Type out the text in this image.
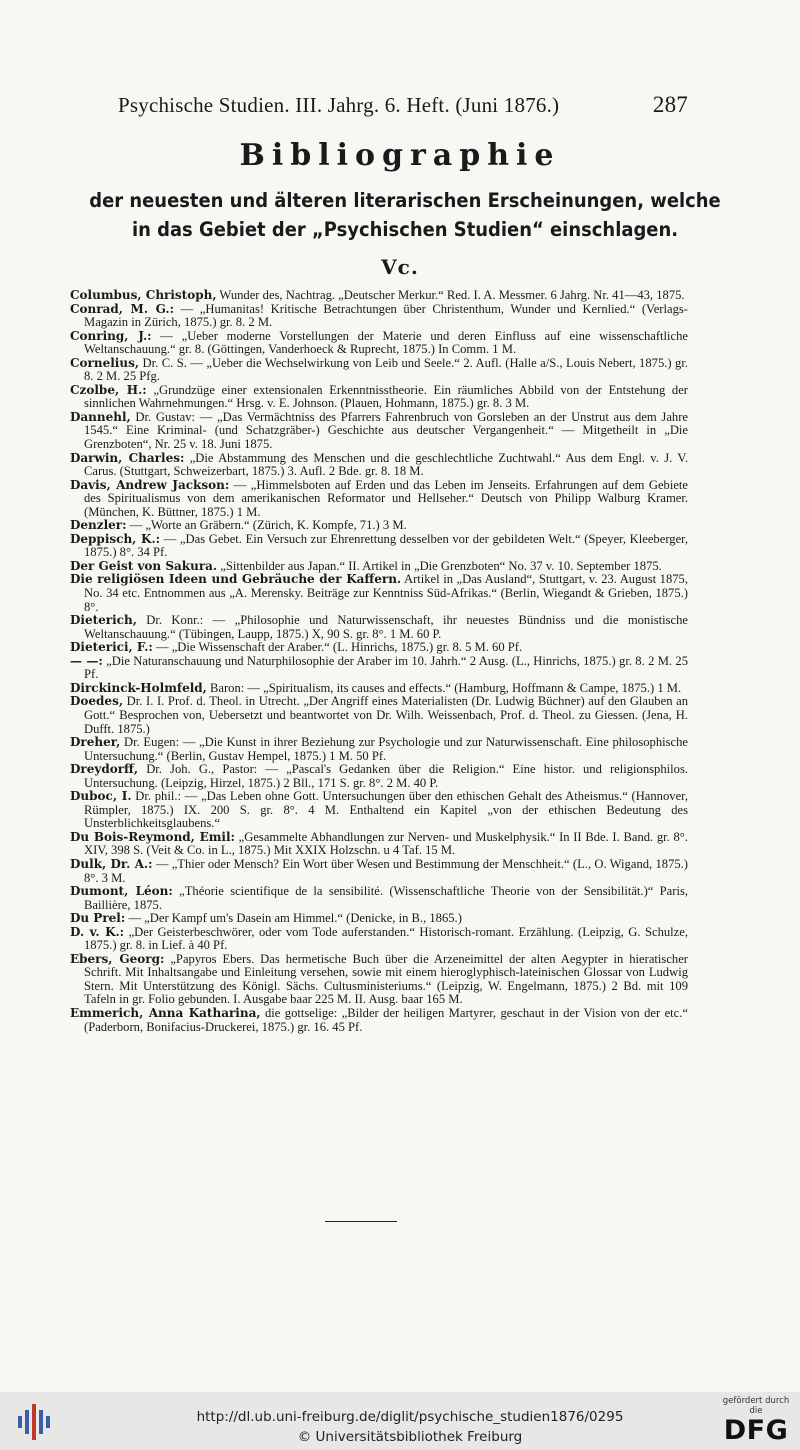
Psychische Studien. III. Jahrg. 6. Heft. (Juni 1876.)	287
Bibliographie
der neuesten und älteren literarischen Erscheinungen, welche in das Gebiet der „Psychischen Studien“ einschlagen.
Vc.

Columbus, Christoph, Wunder des, Nachtrag. „Deutscher Merkur.“ Red. I. A. Messmer. 6 Jahrg. Nr. 41—43, 1875.

Conrad, M. G.: — „Humanitas! Kritische Betrachtungen über Christenthum, Wunder und Kernlied.“ (Verlags-Magazin in Zürich, 1875.) gr. 8. 2 M.

Conring, J.: — „Ueber moderne Vorstellungen der Materie und deren Einfluss auf eine wissenschaftliche Weltanschauung.“ gr. 8. (Göttingen, Vanderhoeck & Ruprecht, 1875.) In Comm. 1 M.

Cornelius, Dr. C. S. — „Ueber die Wechselwirkung von Leib und Seele.“ 2. Aufl. (Halle a/S., Louis Nebert, 1875.) gr. 8. 2 M. 25 Pfg.

Czolbe, H.: „Grundzüge einer extensionalen Erkenntnisstheorie. Ein räumliches Abbild von der Entstehung der sinnlichen Wahrnehmungen.“ Hrsg. v. E. Johnson. (Plauen, Hohmann, 1875.) gr. 8. 3 M.

Dannehl, Dr. Gustav: — „Das Vermächtniss des Pfarrers Fahrenbruch von Gorsleben an der Unstrut aus dem Jahre 1545.“ Eine Kriminal- (und Schatzgräber-) Geschichte aus deutscher Vergangenheit.“ — Mitgetheilt in „Die Grenzboten“, Nr. 25 v. 18. Juni 1875.

Darwin, Charles: „Die Abstammung des Menschen und die geschlechtliche Zuchtwahl.“ Aus dem Engl. v. J. V. Carus. (Stuttgart, Schweizerbart, 1875.) 3. Aufl. 2 Bde. gr. 8. 18 M.

Davis, Andrew Jackson: — „Himmelsboten auf Erden und das Leben im Jenseits. Erfahrungen auf dem Gebiete des Spiritualismus von dem amerikanischen Reformator und Hellseher.“ Deutsch von Philipp Walburg Kramer. (München, K. Büttner, 1875.) 1 M.

Denzler: — „Worte an Gräbern.“ (Zürich, K. Kompfe, 71.) 3 M.

Deppisch, K.: — „Das Gebet. Ein Versuch zur Ehrenrettung desselben vor der gebildeten Welt.“ (Speyer, Kleeberger, 1875.) 8°. 34 Pf.

Der Geist von Sakura. „Sittenbilder aus Japan.“ II. Artikel in „Die Grenzboten“ No. 37 v. 10. September 1875.

Die religiösen Ideen und Gebräuche der Kaffern. Artikel in „Das Ausland“, Stuttgart, v. 23. August 1875, No. 34 etc. Entnommen aus „A. Merensky. Beiträge zur Kenntniss Süd-Afrikas.“ (Berlin, Wiegandt & Grieben, 1875.) 8°.

Dieterich, Dr. Konr.: — „Philosophie und Naturwissenschaft, ihr neuestes Bündniss und die monistische Weltanschauung.“ (Tübingen, Laupp, 1875.) X, 90 S. gr. 8°. 1 M. 60 P.

Dieterici, F.: — „Die Wissenschaft der Araber.“ (L. Hinrichs, 1875.) gr. 8. 5 M. 60 Pf.

— —: „Die Naturanschauung und Naturphilosophie der Araber im 10. Jahrh.“ 2 Ausg. (L., Hinrichs, 1875.) gr. 8. 2 M. 25 Pf.

Dirckinck-Holmfeld, Baron: — „Spiritualism, its causes and effects.“ (Hamburg, Hoffmann & Campe, 1875.) 1 M.

Doedes, Dr. I. I. Prof. d. Theol. in Utrecht. „Der Angriff eines Materialisten (Dr. Ludwig Büchner) auf den Glauben an Gott.“ Besprochen von, Uebersetzt und beantwortet von Dr. Wilh. Weissenbach, Prof. d. Theol. zu Giessen. (Jena, H. Dufft. 1875.)

Dreher, Dr. Eugen: — „Die Kunst in ihrer Beziehung zur Psychologie und zur Naturwissenschaft. Eine philosophische Untersuchung.“ (Berlin, Gustav Hempel, 1875.) 1 M. 50 Pf.

Dreydorff, Dr. Joh. G., Pastor: — „Pascal's Gedanken über die Religion.“ Eine histor. und religionsphilos. Untersuchung. (Leipzig, Hirzel, 1875.) 2 Bll., 171 S. gr. 8°. 2 M. 40 P.

Duboc, I. Dr. phil.: — „Das Leben ohne Gott. Untersuchungen über den ethischen Gehalt des Atheismus.“ (Hannover, Rümpler, 1875.) IX. 200 S. gr. 8°. 4 M. Enthaltend ein Kapitel „von der ethischen Bedeutung des Unsterblichkeitsglaubens.“

Du Bois-Reymond, Emil: „Gesammelte Abhandlungen zur Nerven- und Muskelphysik.“ In II Bde. I. Band. gr. 8°. XIV, 398 S. (Veit & Co. in L., 1875.) Mit XXIX Holzschn. u 4 Taf. 15 M.

Dulk, Dr. A.: — „Thier oder Mensch? Ein Wort über Wesen und Bestimmung der Menschheit.“ (L., O. Wigand, 1875.) 8°. 3 M.

Dumont, Léon: „Théorie scientifique de la sensibilité. (Wissenschaftliche Theorie von der Sensibilität.)“ Paris, Baillière, 1875.

Du Prel: — „Der Kampf um's Dasein am Himmel.“ (Denicke, in B., 1865.)

D. v. K.: „Der Geisterbeschwörer, oder vom Tode auferstanden.“ Historisch-romant. Erzählung. (Leipzig, G. Schulze, 1875.) gr. 8. in Lief. à 40 Pf.

Ebers, Georg: „Papyros Ebers. Das hermetische Buch über die Arzeneimittel der alten Aegypter in hieratischer Schrift. Mit Inhaltsangabe und Einleitung versehen, sowie mit einem hieroglyphisch-lateinischen Glossar von Ludwig Stern. Mit Unterstützung des Königl. Sächs. Cultusministeriums.“ (Leipzig, W. Engelmann, 1875.) 2 Bd. mit 109 Tafeln in gr. Folio gebunden. I. Ausgabe baar 225 M. II. Ausg. baar 165 M.

Emmerich, Anna Katharina, die gottselige: „Bilder der heiligen Martyrer, geschaut in der Vision von der etc.“ (Paderborn, Bonifacius-Druckerei, 1875.) gr. 16. 45 Pf.

http://dl.ub.uni-freiburg.de/diglit/psychische_studien1876/0295
© Universitätsbibliothek Freiburg
gefördert durch die
DFG
